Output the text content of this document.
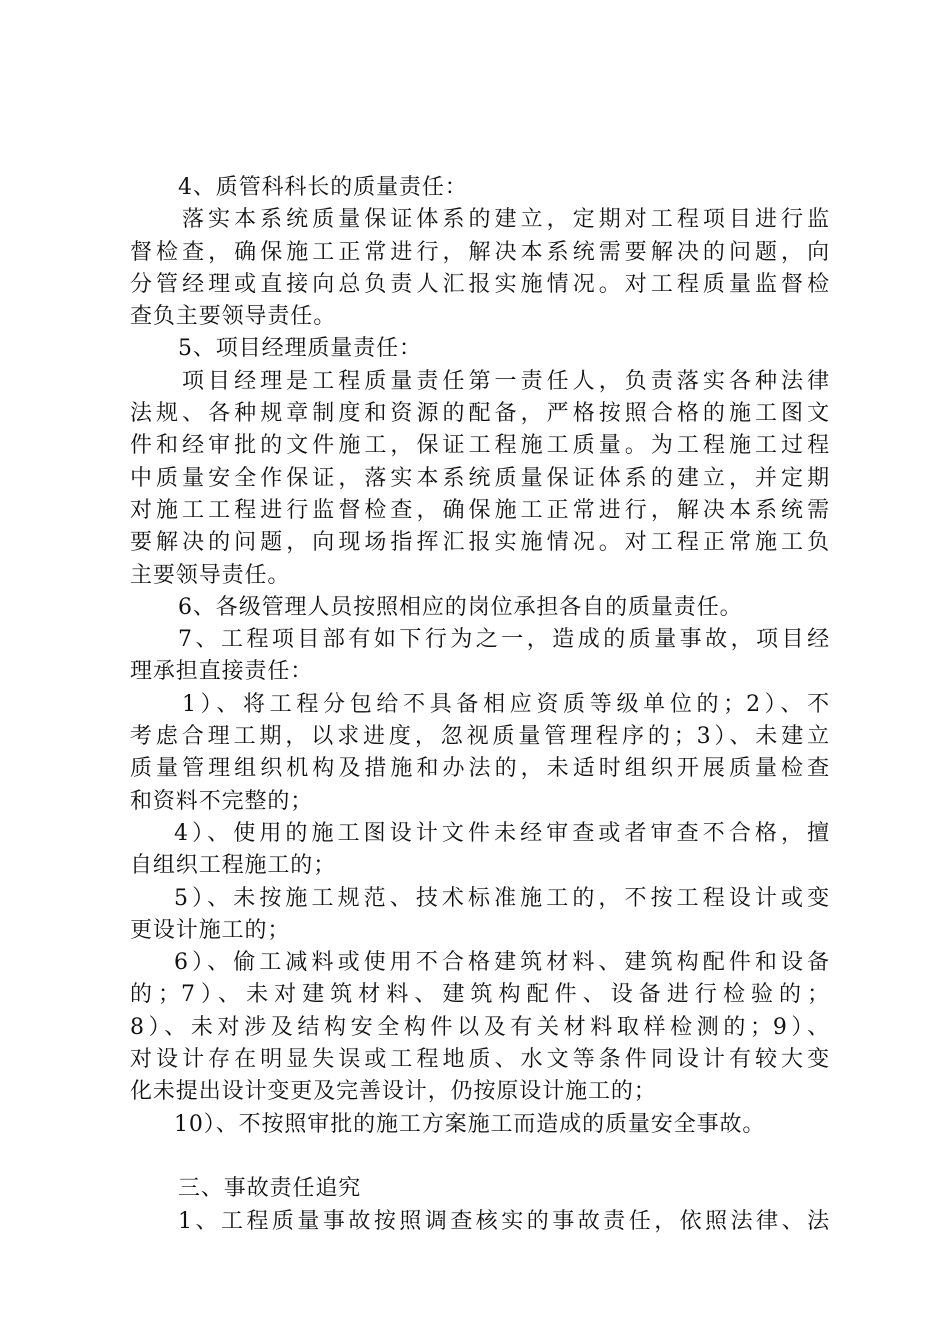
4、质管科科长的质量责任：
落实本系统质量保证体系的建立，定期对工程项目进行监
督检查，确保施工正常进行，解决本系统需要解决的问题，向
分管经理或直接向总负责人汇报实施情况。对工程质量监督检
查负主要领导责任。
5、项目经理质量责任：
项目经理是工程质量责任第一责任人，负责落实各种法律
法规、各种规章制度和资源的配备，严格按照合格的施工图文
件和经审批的文件施工，保证工程施工质量。为工程施工过程
中质量安全作保证，落实本系统质量保证体系的建立，并定期
对施工工程进行监督检查，确保施工正常进行，解决本系统需
要解决的问题，向现场指挥汇报实施情况。对工程正常施工负
主要领导责任。
6、各级管理人员按照相应的岗位承担各自的质量责任。
7、工程项目部有如下行为之一，造成的质量事故，项目经
理承担直接责任：
1）、将工程分包给不具备相应资质等级单位的；2）、不
考虑合理工期，以求进度，忽视质量管理程序的；3）、未建立
质量管理组织机构及措施和办法的，未适时组织开展质量检查
和资料不完整的；
4）、使用的施工图设计文件未经审查或者审查不合格，擅
自组织工程施工的；
5）、未按施工规范、技术标准施工的，不按工程设计或变
更设计施工的；
6）、偷工减料或使用不合格建筑材料、建筑构配件和设备
的；7）、未对建筑材料、建筑构配件、设备进行检验的；
8）、未对涉及结构安全构件以及有关材料取样检测的；9）、
对设计存在明显失误或工程地质、水文等条件同设计有较大变
化未提出设计变更及完善设计，仍按原设计施工的；
10）、不按照审批的施工方案施工而造成的质量安全事故。
三、事故责任追究
1、工程质量事故按照调查核实的事故责任，依照法律、法
